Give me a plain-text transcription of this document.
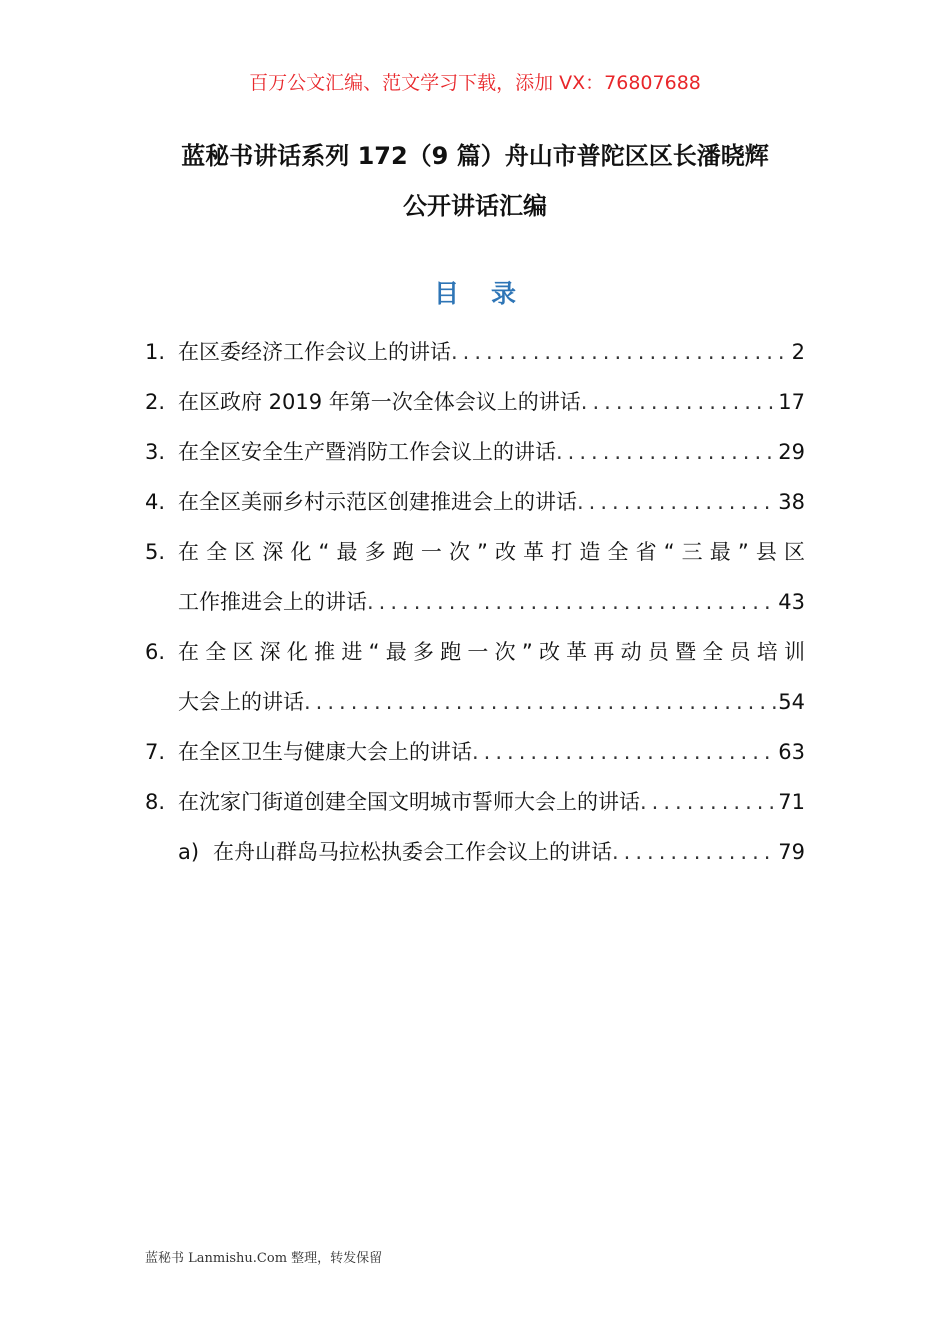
百万公文汇编、范文学习下载，添加 VX：76807688
蓝秘书讲话系列 172（9 篇）舟山市普陀区区长潘晓辉
公开讲话汇编
目录
1. 在区委经济工作会议上的讲话 .....	2
2. 在区政府 2019 年第一次全体会议上的讲话 .....	17
3. 在全区安全生产暨消防工作会议上的讲话 .....	29
4. 在全区美丽乡村示范区创建推进会上的讲话 .....	38
5. 在全区深化“最多跑一次”改革打造全省“三最”县区
工作推进会上的讲话 .....	43
6. 在全区深化推进“最多跑一次”改革再动员暨全员培训
大会上的讲话 .....	54
7. 在全区卫生与健康大会上的讲话 .....	63
8. 在沈家门街道创建全国文明城市誓师大会上的讲话 .....	71
a) 在舟山群岛马拉松执委会工作会议上的讲话 .....	79
蓝秘书 Lanmishu.Com 整理，转发保留
